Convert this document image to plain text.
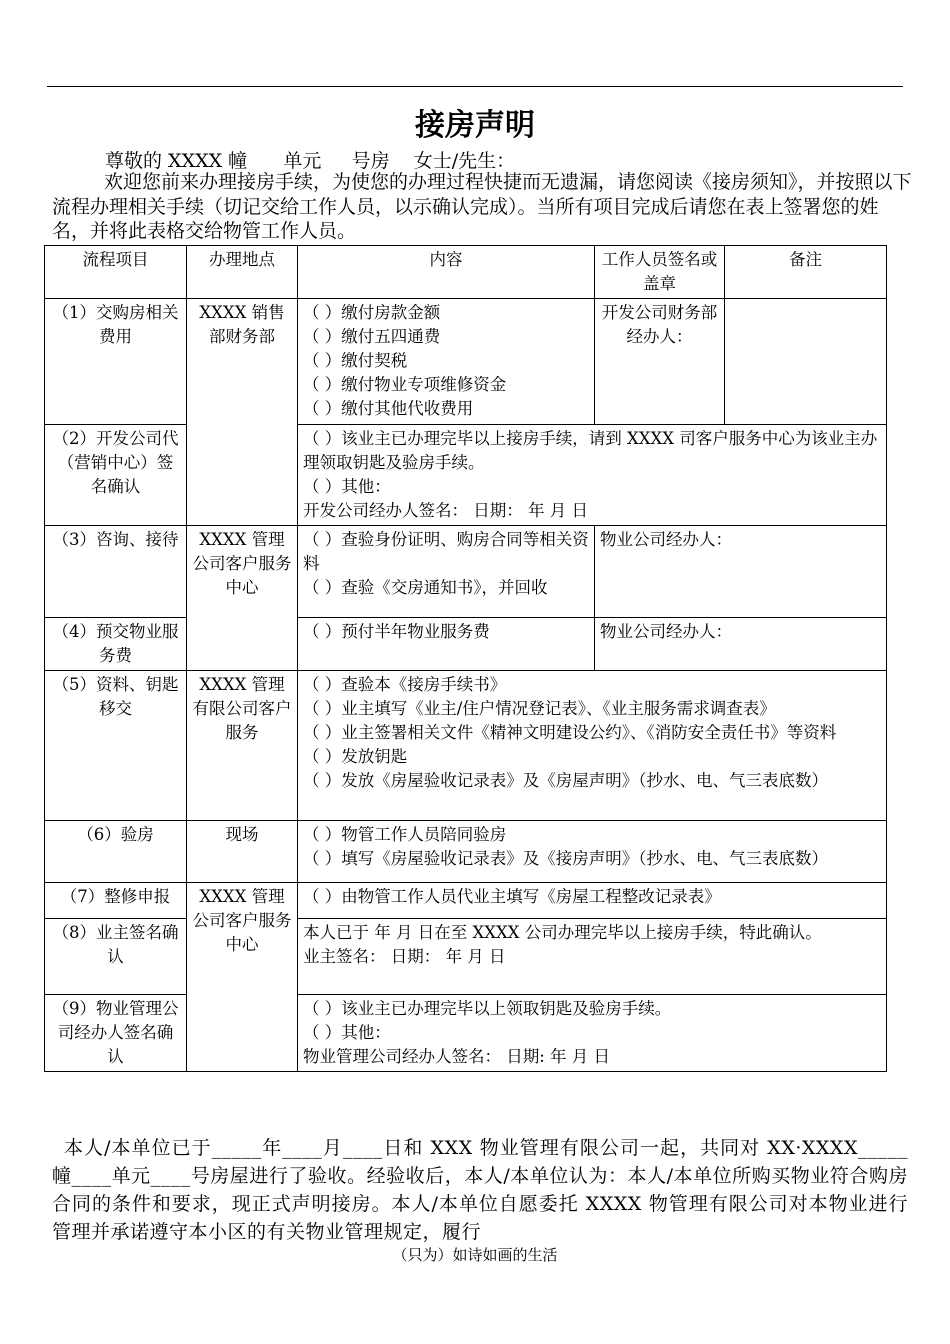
接房声明
尊敬的 XXXX 幢      单元     号房    女士/先生：
欢迎您前来办理接房手续，为使您的办理过程快捷而无遗漏，请您阅读《接房须知》，并按照以下流程办理相关手续（切记交给工作人员，以示确认完成）。当所有项目完成后请您在表上签署您的姓名，并将此表格交给物管工作人员。
流程项目	办理地点	内容	工作人员签名或盖章	备注
（1）交购房相关费用	XXXX 销售部财务部	（ ）缴付房款金额
（ ）缴付五四通费
（ ）缴付契税
（ ）缴付物业专项维修资金
（ ）缴付其他代收费用	开发公司财务部经办人：	
（2）开发公司代（营销中心）签名确认		（ ）该业主已办理完毕以上接房手续，请到 XXXX 司客户服务中心为该业主办理领取钥匙及验房手续。
（ ）其他：
开发公司经办人签名： 日期： 年 月 日		

（3）咨询、接待	XXXX 管理公司客户服务中心	（ ）查验身份证明、购房合同等相关资料
（ ）查验《交房通知书》，并回收	物业公司经办人：	
（4）预交物业服务费		（ ）预付半年物业服务费	物业公司经办人：	
（5）资料、钥匙移交	XXXX 管理有限公司客户服务	（ ）查验本《接房手续书》
（ ）业主填写《业主/住户情况登记表》、《业主服务需求调查表》
（ ）业主签署相关文件《精神文明建设公约》、《消防安全责任书》等资料
（ ）发放钥匙
（ ）发放《房屋验收记录表》及《房屋声明》（抄水、电、气三表底数）		

（6）验房	现场	（ ）物管工作人员陪同验房
（ ）填写《房屋验收记录表》及《接房声明》（抄水、电、气三表底数）		

（7）整修申报	XXXX 管理公司客户服务中心	（ ）由物管工作人员代业主填写《房屋工程整改记录表》		

（8）业主签名确认		本人已于 年 月 日在至 XXXX 公司办理完毕以上接房手续，特此确认。
业主签名： 日期： 年 月 日		

（9）物业管理公司经办人签名确认		（ ）该业主已办理完毕以上领取钥匙及验房手续。
（ ）其他：
物业管理公司经办人签名： 日期: 年 月 日		
本人/本单位已于_____年____月____日和 XXX 物业管理有限公司一起，共同对 XX·XXXX_____幢____单元____号房屋进行了验收。经验收后，本人/本单位认为：本人/本单位所购买物业符合购房合同的条件和要求，现正式声明接房。本人/本单位自愿委托 XXXX 物管理有限公司对本物业进行管理并承诺遵守本小区的有关物业管理规定，履行
（只为）如诗如画的生活
